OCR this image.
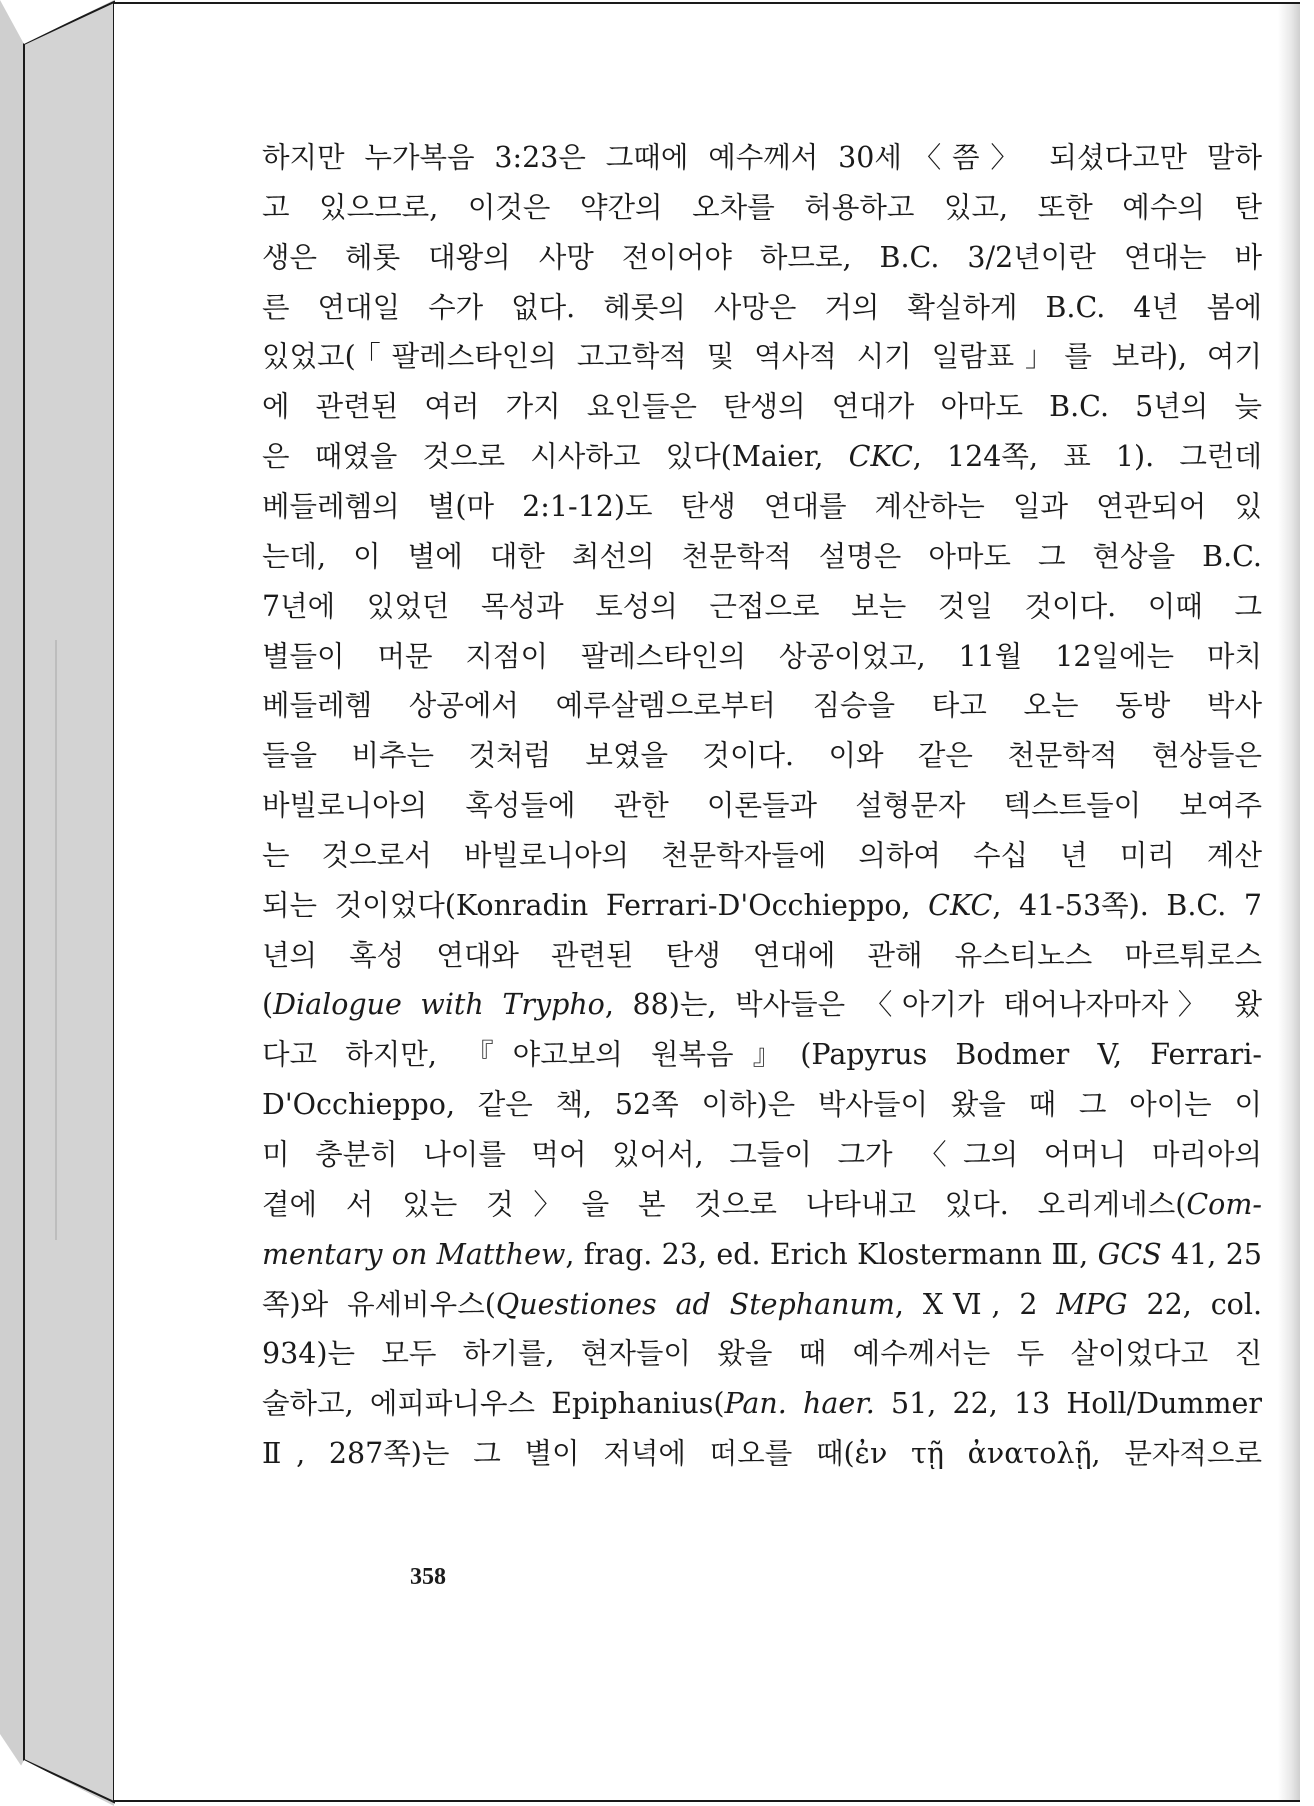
하지만 누가복음 3:23은 그때에 예수께서 30세〈쯤〉 되셨다고만 말하
고 있으므로, 이것은 약간의 오차를 허용하고 있고, 또한 예수의 탄
생은 헤롯 대왕의 사망 전이어야 하므로, B.C. 3/2년이란 연대는 바
른 연대일 수가 없다. 헤롯의 사망은 거의 확실하게 B.C. 4년 봄에
있었고(「팔레스타인의 고고학적 및 역사적 시기 일람표」를 보라), 여기
에 관련된 여러 가지 요인들은 탄생의 연대가 아마도 B.C. 5년의 늦
은 때였을 것으로 시사하고 있다(Maier, CKC, 124쪽, 표 1). 그런데
베들레헴의 별(마 2:1-12)도 탄생 연대를 계산하는 일과 연관되어 있
는데, 이 별에 대한 최선의 천문학적 설명은 아마도 그 현상을 B.C.
7년에 있었던 목성과 토성의 근접으로 보는 것일 것이다. 이때 그
별들이 머문 지점이 팔레스타인의 상공이었고, 11월 12일에는 마치
베들레헴 상공에서 예루살렘으로부터 짐승을 타고 오는 동방 박사
들을 비추는 것처럼 보였을 것이다. 이와 같은 천문학적 현상들은
바빌로니아의 혹성들에 관한 이론들과 설형문자 텍스트들이 보여주
는 것으로서 바빌로니아의 천문학자들에 의하여 수십 년 미리 계산
되는 것이었다(Konradin Ferrari-D'Occhieppo, CKC, 41-53쪽). B.C. 7
년의 혹성 연대와 관련된 탄생 연대에 관해 유스티노스 마르튀로스
(Dialogue with Trypho, 88)는, 박사들은 〈아기가 태어나자마자〉 왔
다고 하지만, 『야고보의 원복음』(Papyrus Bodmer V, Ferrari-
D'Occhieppo, 같은 책, 52쪽 이하)은 박사들이 왔을 때 그 아이는 이
미 충분히 나이를 먹어 있어서, 그들이 그가 〈그의 어머니 마리아의
곁에 서 있는 것〉을 본 것으로 나타내고 있다. 오리게네스(Com-
mentary on Matthew, frag. 23, ed. Erich Klostermann Ⅲ, GCS 41, 25
쪽)와 유세비우스(Questiones ad Stephanum, XⅥ, 2 MPG 22, col.
934)는 모두 하기를, 현자들이 왔을 때 예수께서는 두 살이었다고 진
술하고, 에피파니우스 Epiphanius(Pan. haer. 51, 22, 13 Holl/Dummer
Ⅱ, 287쪽)는 그 별이 저녁에 떠오를 때(ἐν τῇ ἀνατολῇ, 문자적으로
358
